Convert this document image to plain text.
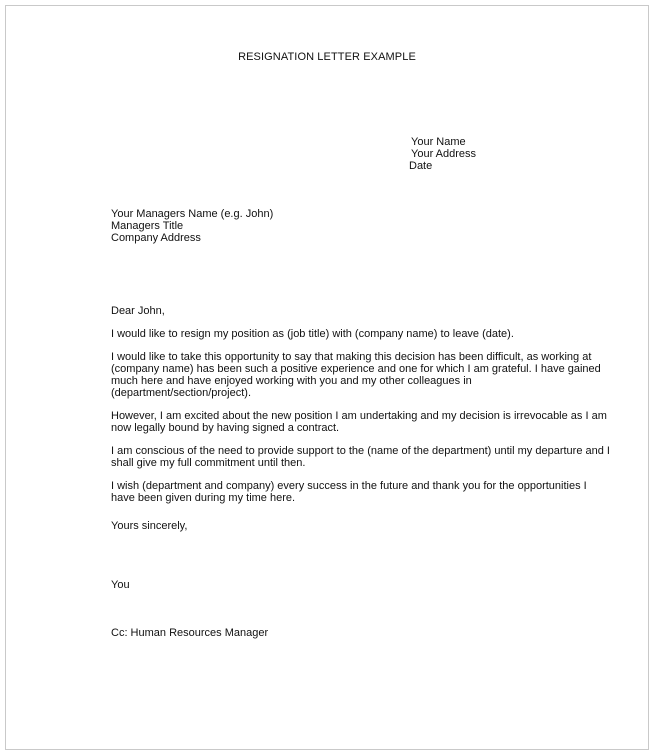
RESIGNATION LETTER EXAMPLE
Your Name
Your Address
Date
Your Managers Name (e.g. John)
Managers Title
Company Address

Dear John,

I would like to resign my position as (job title) with (company name) to leave (date).

I would like to take this opportunity to say that making this decision has been difficult, as working at (company name) has been such a positive experience and one for which I am grateful. I have gained much here and have enjoyed working with you and my other colleagues in (department/section/project).

However, I am excited about the new position I am undertaking and my decision is irrevocable as I am now legally bound by having signed a contract.

I am conscious of the need to provide support to the (name of the department) until my departure and I shall give my full commitment until then.

I wish (department and company) every success in the future and thank you for the opportunities I have been given during my time here.

Yours sincerely,
You
Cc: Human Resources Manager
